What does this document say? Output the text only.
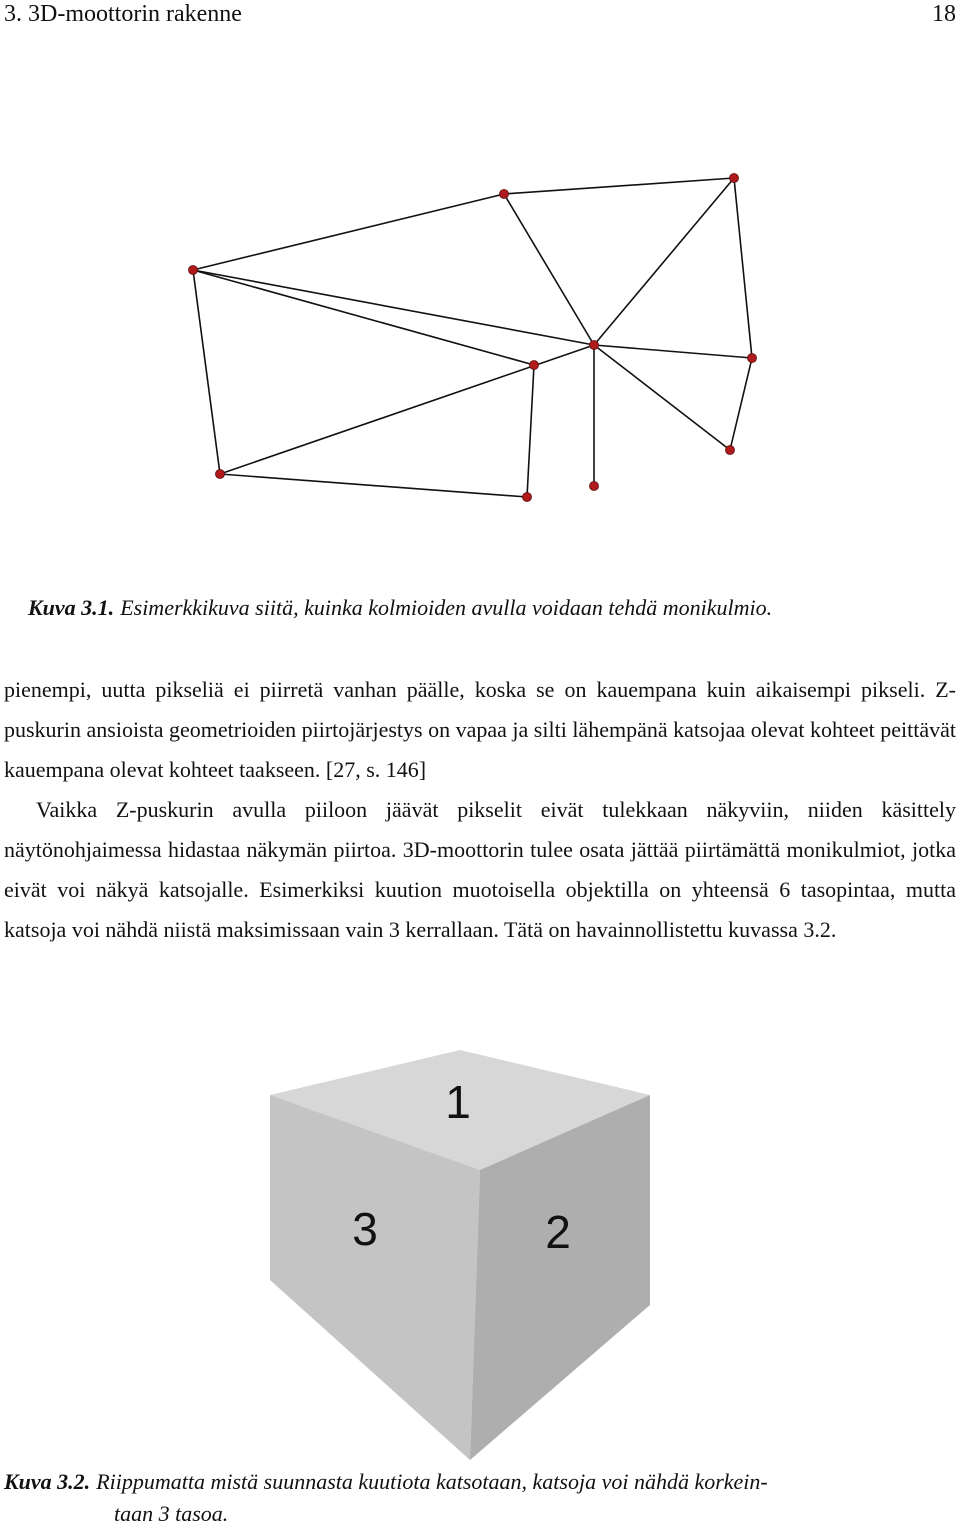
3. 3D-moottorin rakenne	18
Kuva 3.1. Esimerkkikuva siitä, kuinka kolmioiden avulla voidaan tehdä monikulmio.

pienempi, uutta pikseliä ei piirretä vanhan päälle, koska se on kauempana kuin aikaisempi pikseli. Z-puskurin ansioista geometrioiden piirtojärjestys on vapaa ja silti lähempänä katsojaa olevat kohteet peittävät kauempana olevat kohteet taakseen. [27, s. 146]

Vaikka Z-puskurin avulla piiloon jäävät pikselit eivät tulekkaan näkyviin, niiden käsittely näytönohjaimessa hidastaa näkymän piirtoa. 3D-moottorin tulee osata jättää piirtämättä monikulmiot, jotka eivät voi näkyä katsojalle. Esimerkiksi kuution muotoisella objektilla on yhteensä 6 tasopintaa, mutta katsoja voi nähdä niistä maksimissaan vain 3 kerrallaan. Tätä on havainnollistettu kuvassa 3.2.

1
3	2
Kuva 3.2. Riippumatta mistä suunnasta kuutiota katsotaan, katsoja voi nähdä korkein-
taan 3 tasoa.
